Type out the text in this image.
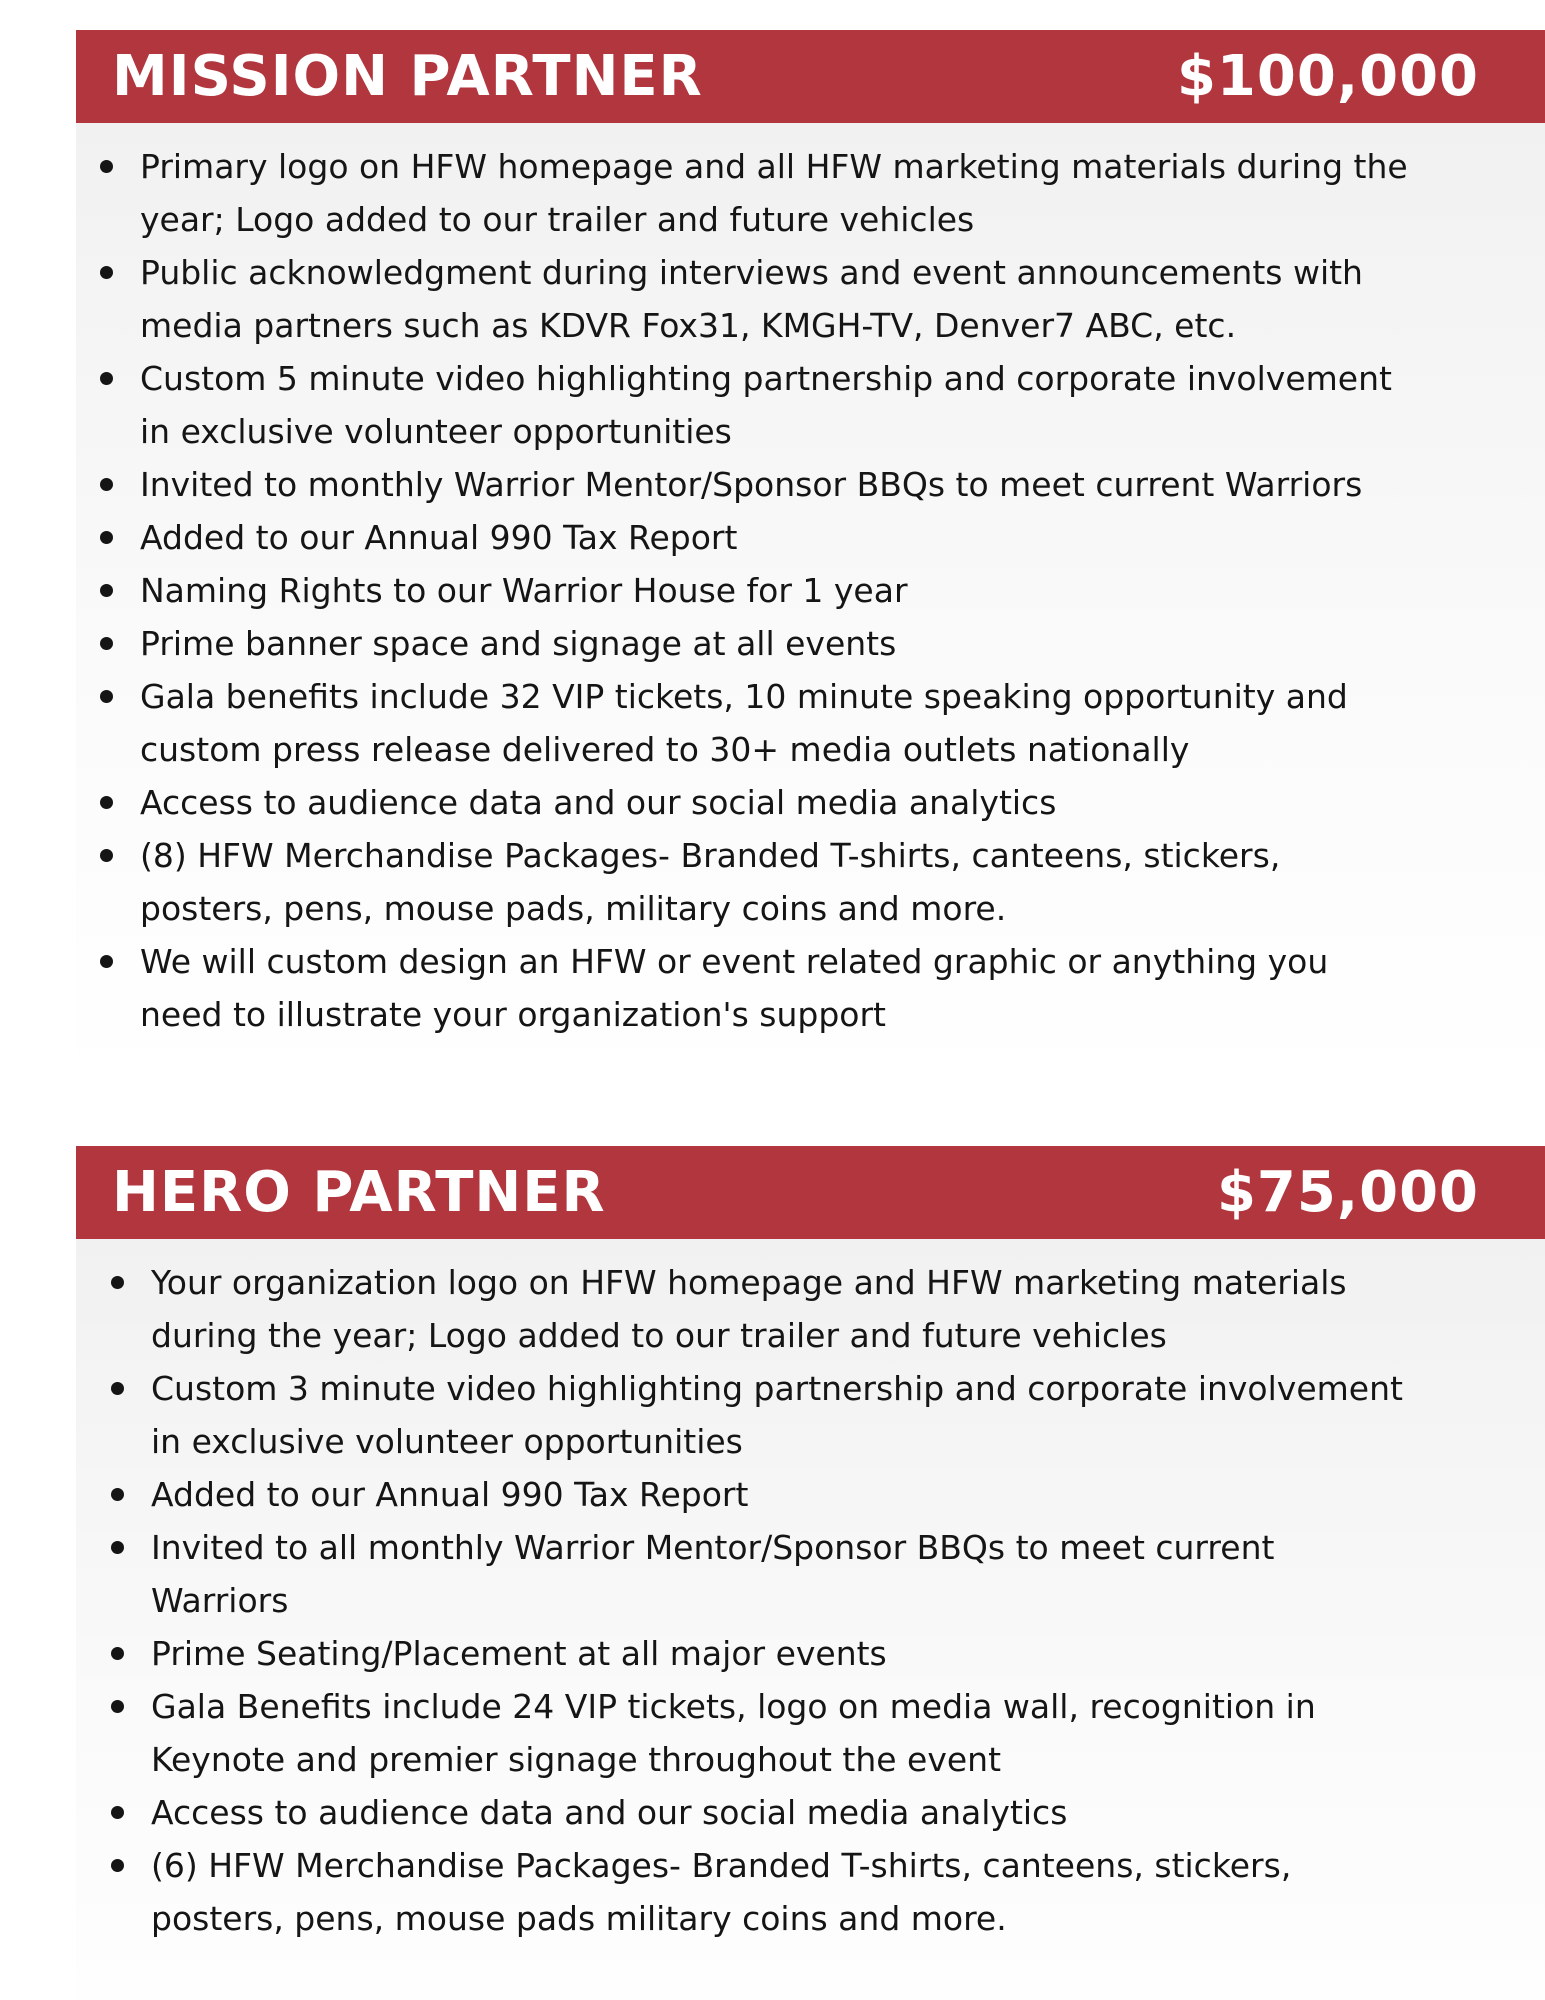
MISSION PARTNER	$100,000
Primary logo on HFW homepage and all HFW marketing materials during the
year; Logo added to our trailer and future vehicles
Public acknowledgment during interviews and event announcements with
media partners such as KDVR Fox31, KMGH-TV, Denver7 ABC, etc.
Custom 5 minute video highlighting partnership and corporate involvement
in exclusive volunteer opportunities
Invited to monthly Warrior Mentor/Sponsor BBQs to meet current Warriors
Added to our Annual 990 Tax Report
Naming Rights to our Warrior House for 1 year
Prime banner space and signage at all events
Gala benefits include 32 VIP tickets, 10 minute speaking opportunity and
custom press release delivered to 30+ media outlets nationally
Access to audience data and our social media analytics
(8) HFW Merchandise Packages- Branded T-shirts, canteens, stickers,
posters, pens, mouse pads, military coins and more.
We will custom design an HFW or event related graphic or anything you
need to illustrate your organization's support
HERO PARTNER	$75,000
Your organization logo on HFW homepage and HFW marketing materials
during the year; Logo added to our trailer and future vehicles
Custom 3 minute video highlighting partnership and corporate involvement
in exclusive volunteer opportunities
Added to our Annual 990 Tax Report
Invited to all monthly Warrior Mentor/Sponsor BBQs to meet current
Warriors
Prime Seating/Placement at all major events
Gala Benefits include 24 VIP tickets, logo on media wall, recognition in
Keynote and premier signage throughout the event
Access to audience data and our social media analytics
(6) HFW Merchandise Packages- Branded T-shirts, canteens, stickers,
posters, pens, mouse pads military coins and more.
